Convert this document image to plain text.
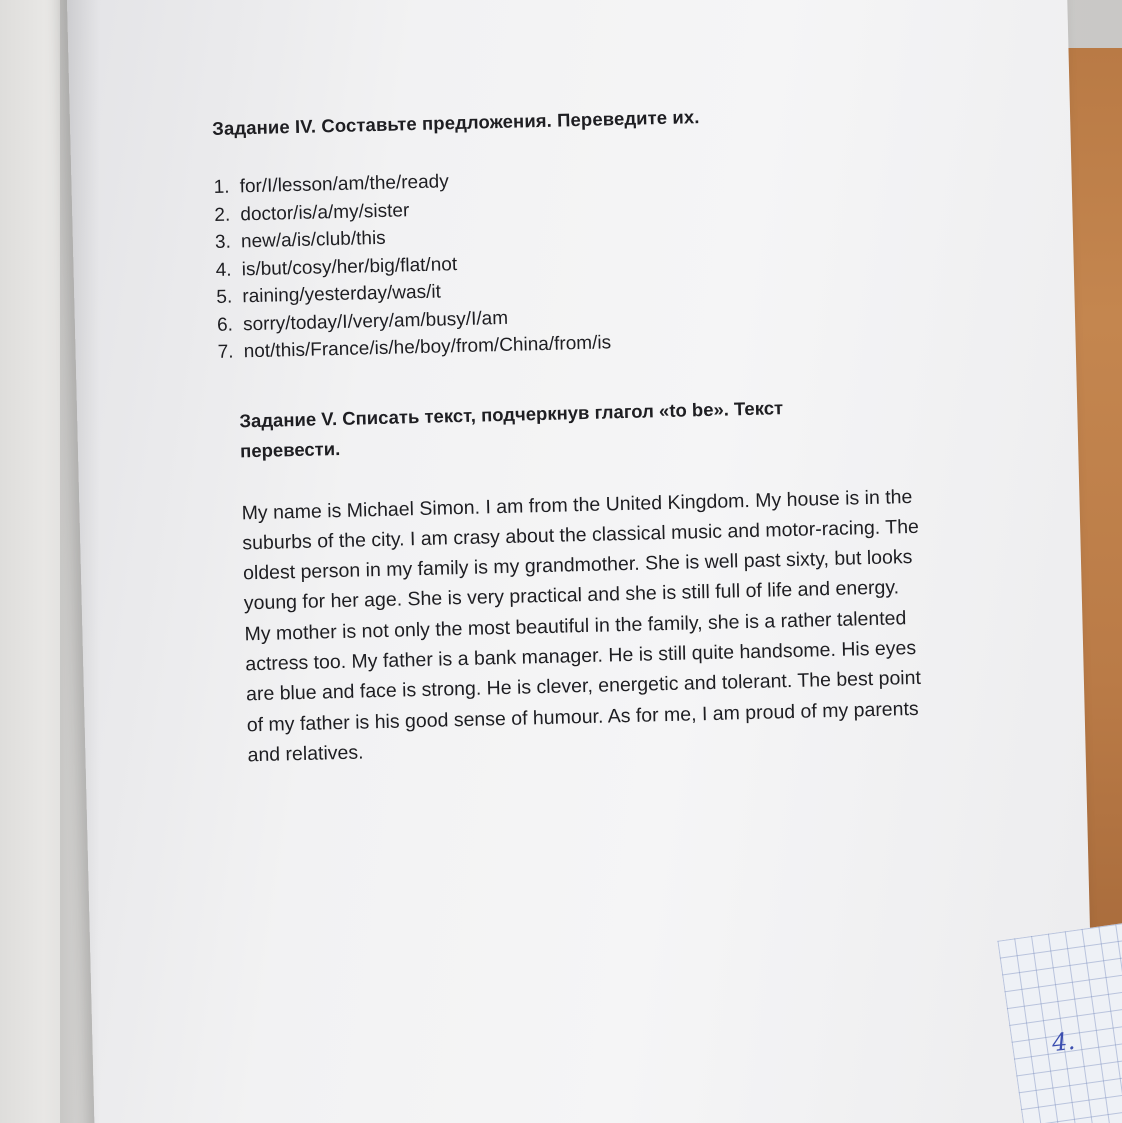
Задание IV. Составьте предложения. Переведите их.

1. for/I/lesson/am/the/ready
2. doctor/is/a/my/sister
3. new/a/is/club/this
4. is/but/cosy/her/big/flat/not
5. raining/yesterday/was/it
6. sorry/today/I/very/am/busy/I/am
7. not/this/France/is/he/boy/from/China/from/is

Задание V. Списать текст, подчеркнув глагол «to be». Текст перевести.

My name is Michael Simon. I am from the United Kingdom. My house is in the suburbs of the city. I am crasy about the classical music and motor-racing. The oldest person in my family is my grandmother. She is well past sixty, but looks young for her age. She is very practical and she is still full of life and energy. My mother is not only the most beautiful in the family, she is a rather talented actress too. My father is a bank manager. He is still quite handsome. His eyes are blue and face is strong. He is clever, energetic and tolerant. The best point of my father is his good sense of humour. As for me, I am proud of my parents and relatives.

4.
